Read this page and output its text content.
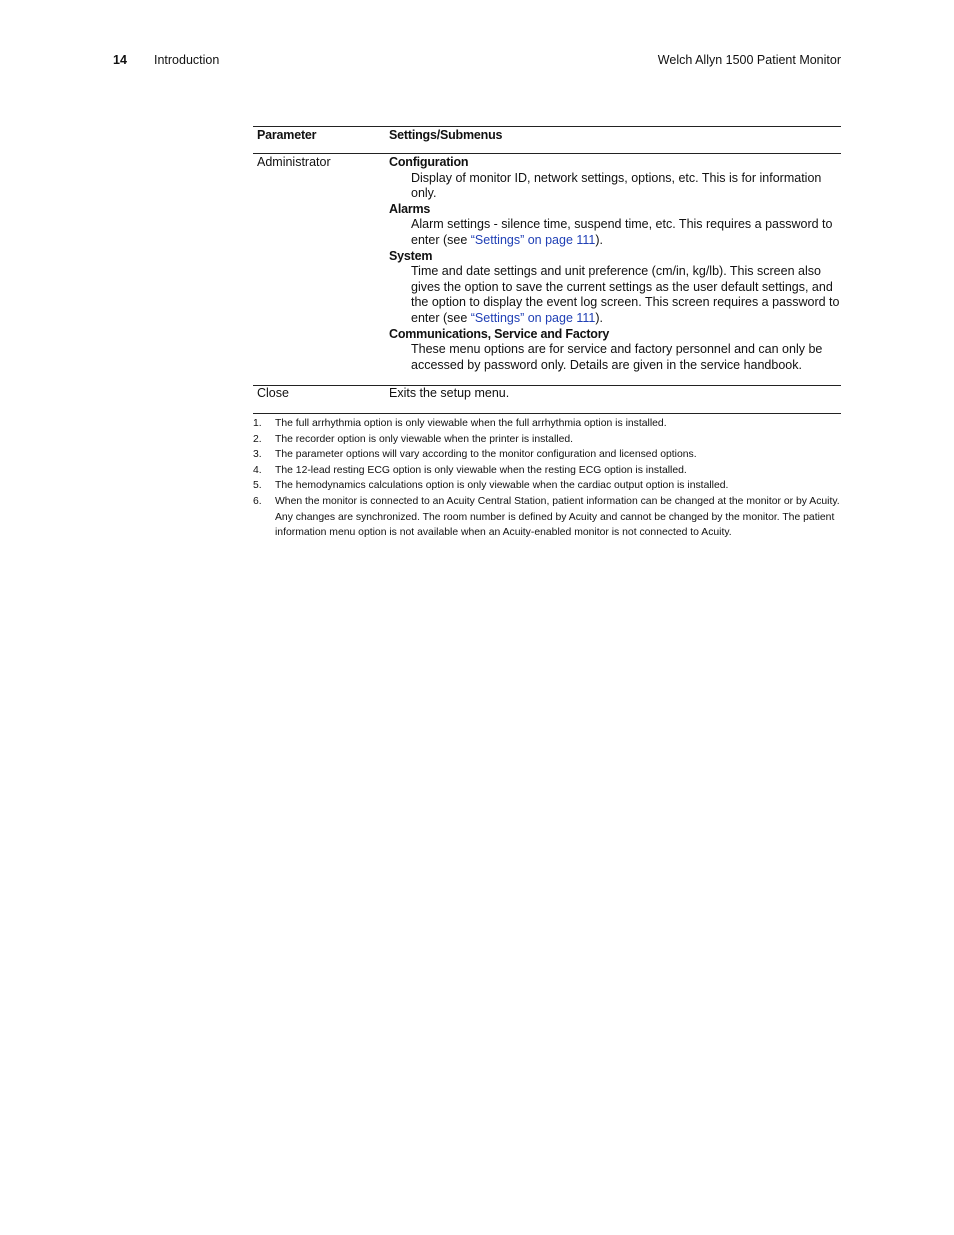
14 Introduction	Welch Allyn 1500 Patient Monitor
Parameter	Settings/Submenus
Administrator	Configuration
Display of monitor ID, network settings, options, etc. This is for information only.
Alarms
Alarm settings - silence time, suspend time, etc. This requires a password to enter (see “Settings” on page 111).
System
Time and date settings and unit preference (cm/in, kg/lb). This screen also gives the option to save the current settings as the user default settings, and the option to display the event log screen. This screen requires a password to enter (see “Settings” on page 111).
Communications, Service and Factory
These menu options are for service and factory personnel and can only be accessed by password only. Details are given in the service handbook.
Close	Exits the setup menu.
1.	The full arrhythmia option is only viewable when the full arrhythmia option is installed.
2.	The recorder option is only viewable when the printer is installed.
3.	The parameter options will vary according to the monitor configuration and licensed options.
4.	The 12-lead resting ECG option is only viewable when the resting ECG option is installed.
5.	The hemodynamics calculations option is only viewable when the cardiac output option is installed.
6.	When the monitor is connected to an Acuity Central Station, patient information can be changed at the monitor or by Acuity. Any changes are synchronized. The room number is defined by Acuity and cannot be changed by the monitor. The patient information menu option is not available when an Acuity-enabled monitor is not connected to Acuity.
